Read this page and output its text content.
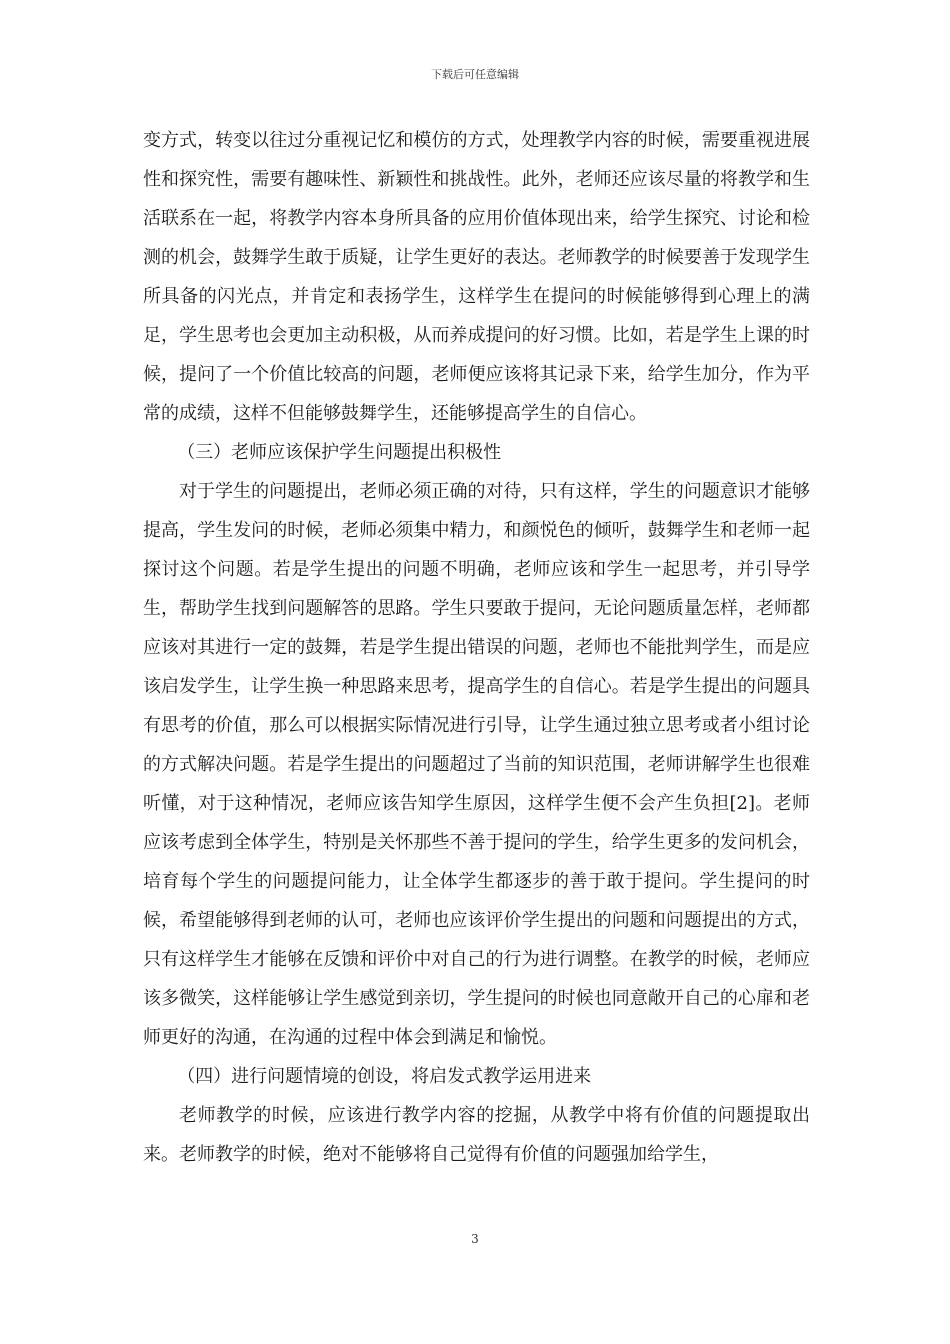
下载后可任意编辑

变方式，转变以往过分重视记忆和模仿的方式，处理教学内容的时候，需要重视进展性和探究性，需要有趣味性、新颖性和挑战性。此外，老师还应该尽量的将教学和生活联系在一起，将教学内容本身所具备的应用价值体现出来，给学生探究、讨论和检测的机会，鼓舞学生敢于质疑，让学生更好的表达。老师教学的时候要善于发现学生所具备的闪光点，并肯定和表扬学生，这样学生在提问的时候能够得到心理上的满足，学生思考也会更加主动积极，从而养成提问的好习惯。比如，若是学生上课的时候，提问了一个价值比较高的问题，老师便应该将其记录下来，给学生加分，作为平常的成绩，这样不但能够鼓舞学生，还能够提高学生的自信心。

（三）老师应该保护学生问题提出积极性

对于学生的问题提出，老师必须正确的对待，只有这样，学生的问题意识才能够提高，学生发问的时候，老师必须集中精力，和颜悦色的倾听，鼓舞学生和老师一起探讨这个问题。若是学生提出的问题不明确，老师应该和学生一起思考，并引导学生，帮助学生找到问题解答的思路。学生只要敢于提问，无论问题质量怎样，老师都应该对其进行一定的鼓舞，若是学生提出错误的问题，老师也不能批判学生，而是应该启发学生，让学生换一种思路来思考，提高学生的自信心。若是学生提出的问题具有思考的价值，那么可以根据实际情况进行引导，让学生通过独立思考或者小组讨论的方式解决问题。若是学生提出的问题超过了当前的知识范围，老师讲解学生也很难听懂，对于这种情况，老师应该告知学生原因，这样学生便不会产生负担[2]。老师应该考虑到全体学生，特别是关怀那些不善于提问的学生，给学生更多的发问机会，培育每个学生的问题提问能力，让全体学生都逐步的善于敢于提问。学生提问的时候，希望能够得到老师的认可，老师也应该评价学生提出的问题和问题提出的方式，只有这样学生才能够在反馈和评价中对自己的行为进行调整。在教学的时候，老师应该多微笑，这样能够让学生感觉到亲切，学生提问的时候也同意敞开自己的心扉和老师更好的沟通，在沟通的过程中体会到满足和愉悦。

（四）进行问题情境的创设，将启发式教学运用进来

老师教学的时候，应该进行教学内容的挖掘，从教学中将有价值的问题提取出来。老师教学的时候，绝对不能够将自己觉得有价值的问题强加给学生，

3
